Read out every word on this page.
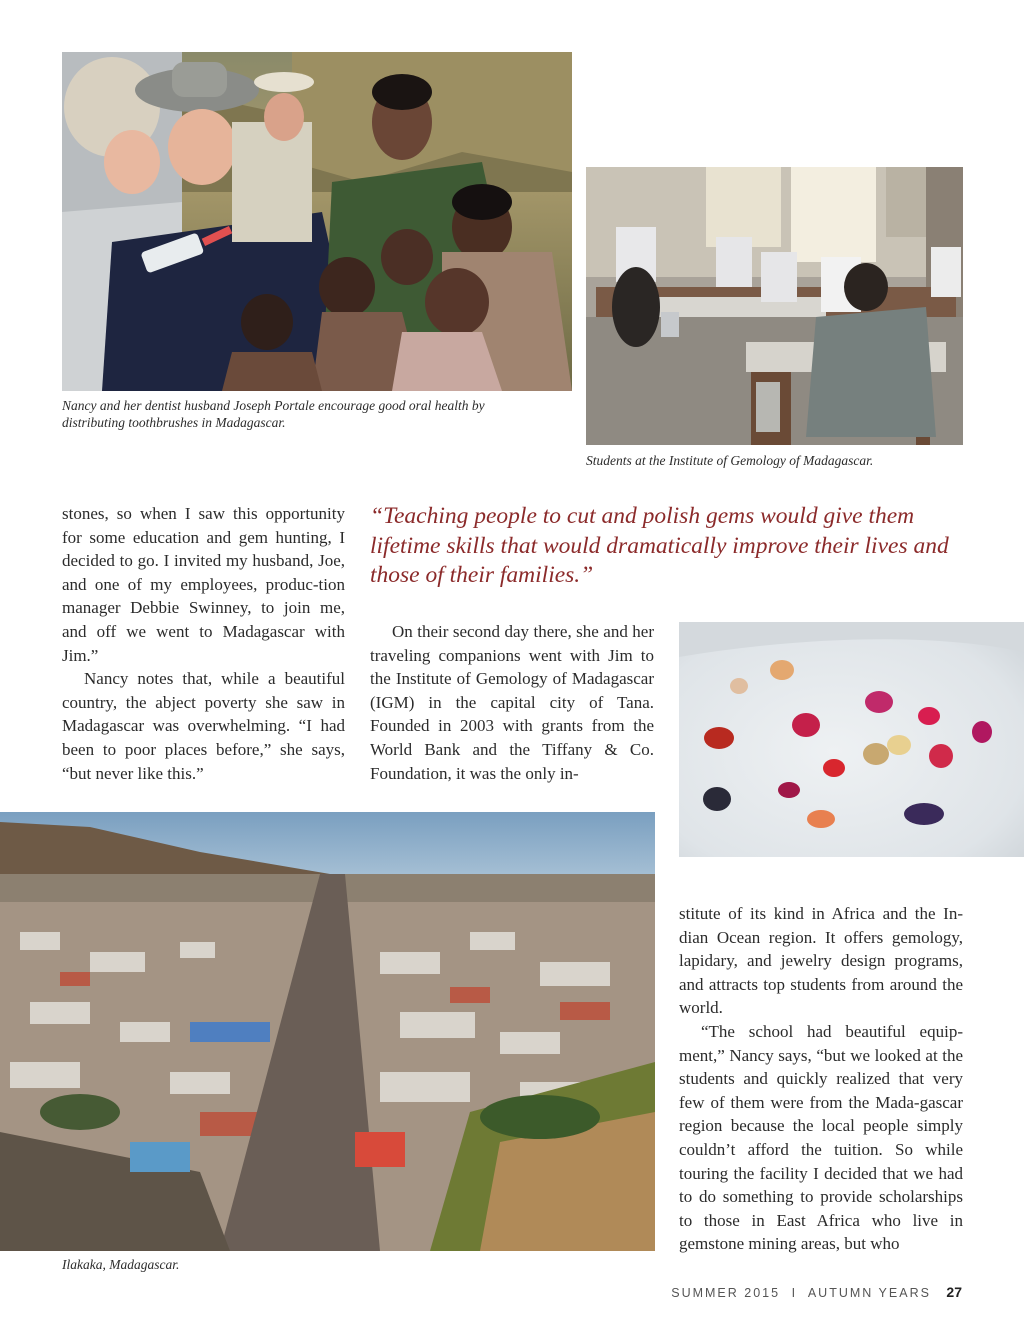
Nancy and her dentist husband Joseph Portale encourage good oral health by distributing toothbrushes in Madagascar.
Students at the Institute of Gemology of Madagascar.

stones, so when I saw this opportunity for some education and gem hunting, I decided to go. I invited my husband, Joe, and one of my employees, produc-tion manager Debbie Swinney, to join me, and off we went to Madagascar with Jim.”

Nancy notes that, while a beautiful country, the abject poverty she saw in Madagascar was overwhelming. “I had been to poor places before,” she says, “but never like this.”

“Teaching people to cut and polish gems would give them lifetime skills that would dramatically improve their lives and those of their families.”

On their second day there, she and her traveling companions went with Jim to the Institute of Gemology of Madagascar (IGM) in the capital city of Tana. Founded in 2003 with grants from the World Bank and the Tiffany & Co. Foundation, it was the only in-

Ilakaka, Madagascar.

stitute of its kind in Africa and the In-dian Ocean region. It offers gemology, lapidary, and jewelry design programs, and attracts top students from around the world.

“The school had beautiful equip-ment,” Nancy says, “but we looked at the students and quickly realized that very few of them were from the Mada-gascar region because the local people simply couldn’t afford the tuition. So while touring the facility I decided that we had to do something to provide scholarships to those in East Africa who live in gemstone mining areas, but who

SUMMER 2015 I AUTUMN YEARS 27
